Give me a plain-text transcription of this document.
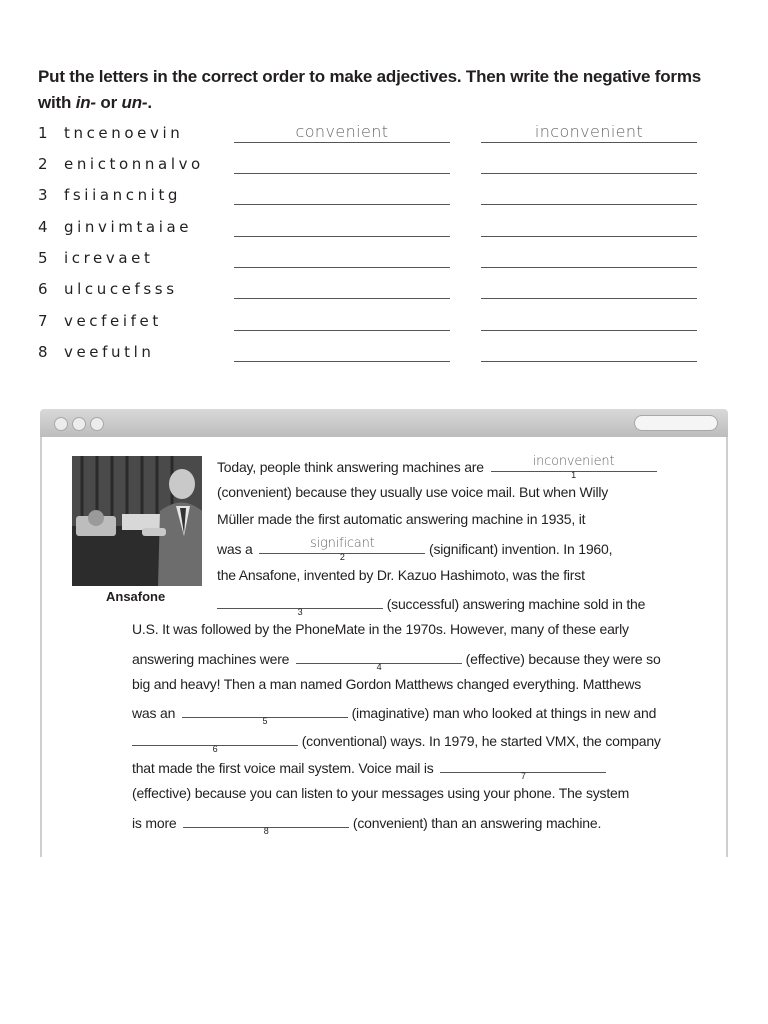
Put the letters in the correct order to make adjectives. Then write the negative forms
with in- or un-.
1 tncenoevin	convenient	inconvenient
2 enictonnalvo
3 fsiiancnitg
4 ginvimtaiae
5 icrevaet
6 ulcucefsss
7 vecfeifet
8 veefutln
Ansafone
Today, people think answering machines are	inconvenient
1
(convenient) because they usually use voice mail. But when Willy
Müller made the first automatic answering machine in 1935, it
was a	significant
2	(significant) invention. In 1960,
the Ansafone, invented by Dr. Kazuo Hashimoto, was the first
3	(successful) answering machine sold in the
U.S. It was followed by the PhoneMate in the 1970s. However, many of these early
answering machines were	4	(effective) because they were so
big and heavy! Then a man named Gordon Matthews changed everything. Matthews
was an	5	(imaginative) man who looked at things in new and
6	(conventional) ways. In 1979, he started VMX, the company
that made the first voice mail system. Voice mail is	7
(effective) because you can listen to your messages using your phone. The system
is more	8	(convenient) than an answering machine.
